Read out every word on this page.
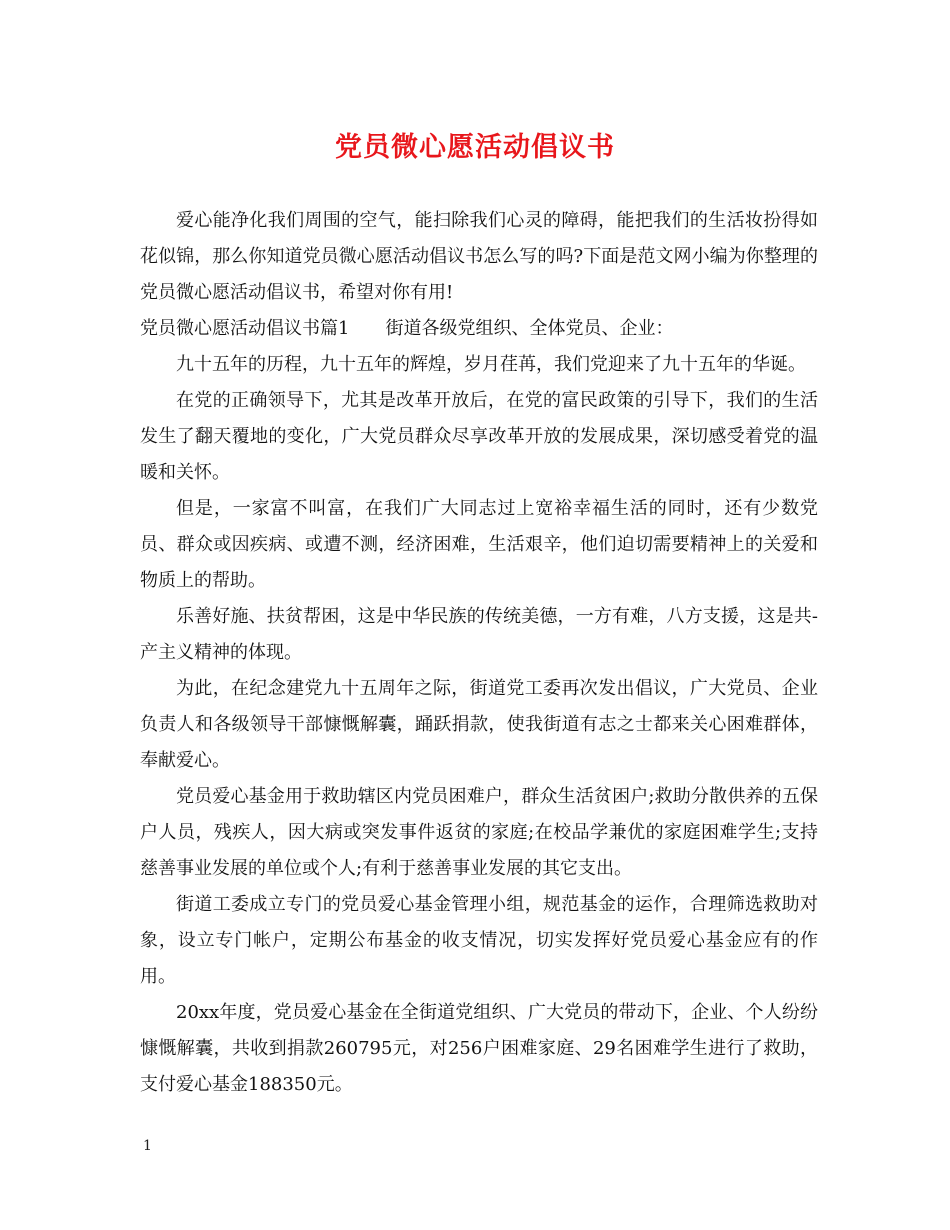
党员微心愿活动倡议书

爱心能净化我们周围的空气，能扫除我们心灵的障碍，能把我们的生活妆扮得如花似锦，那么你知道党员微心愿活动倡议书怎么写的吗?下面是范文网小编为你整理的党员微心愿活动倡议书，希望对你有用!

党员微心愿活动倡议书篇1　　街道各级党组织、全体党员、企业：

九十五年的历程，九十五年的辉煌，岁月荏苒，我们党迎来了九十五年的华诞。

在党的正确领导下，尤其是改革开放后，在党的富民政策的引导下，我们的生活发生了翻天覆地的变化，广大党员群众尽享改革开放的发展成果，深切感受着党的温暖和关怀。

但是，一家富不叫富，在我们广大同志过上宽裕幸福生活的同时，还有少数党员、群众或因疾病、或遭不测，经济困难，生活艰辛，他们迫切需要精神上的关爱和物质上的帮助。

乐善好施、扶贫帮困，这是中华民族的传统美德，一方有难，八方支援，这是共-产主义精神的体现。

为此，在纪念建党九十五周年之际，街道党工委再次发出倡议，广大党员、企业负责人和各级领导干部慷慨解囊，踊跃捐款，使我街道有志之士都来关心困难群体，奉献爱心。

党员爱心基金用于救助辖区内党员困难户，群众生活贫困户;救助分散供养的五保户人员，残疾人，因大病或突发事件返贫的家庭;在校品学兼优的家庭困难学生;支持慈善事业发展的单位或个人;有利于慈善事业发展的其它支出。

街道工委成立专门的党员爱心基金管理小组，规范基金的运作，合理筛选救助对象，设立专门帐户，定期公布基金的收支情况，切实发挥好党员爱心基金应有的作用。

20xx年度，党员爱心基金在全街道党组织、广大党员的带动下，企业、个人纷纷慷慨解囊，共收到捐款260795元，对256户困难家庭、29名困难学生进行了救助，支付爱心基金188350元。

1
